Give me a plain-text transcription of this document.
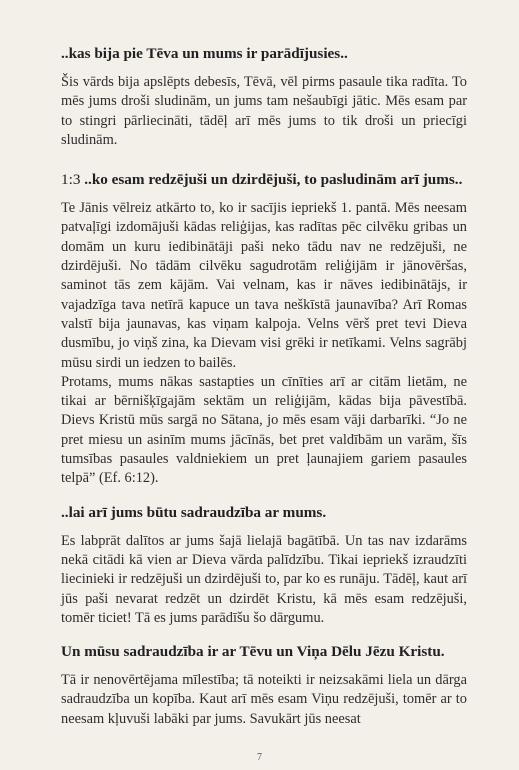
..kas bija pie Tēva un mums ir parādījusies..

Šis vārds bija apslēpts debesīs, Tēvā, vēl pirms pasaule tika radīta. To mēs jums droši sludinām, un jums tam nešaubīgi jātic. Mēs esam par to stingri pārliecināti, tādēļ arī mēs jums to tik droši un priecīgi sludinām.

1:3 ..ko esam redzējuši un dzirdējuši, to pasludinām arī jums..

Te Jānis vēlreiz atkārto to, ko ir sacījis iepriekš 1. pantā. Mēs neesam patvaļīgi izdomājuši kādas reliģijas, kas radītas pēc cilvēku gribas un domām un kuru iedibinātāji paši neko tādu nav ne redzējuši, ne dzirdējuši. No tādām cilvēku sagudrotām reliģijām ir jānovēršas, saminot tās zem kājām. Vai velnam, kas ir nāves iedibinātājs, ir vajadzīga tava netīrā kapuce un tava neškīstā jaunavība? Arī Romas valstī bija jaunavas, kas viņam kalpoja. Velns vērš pret tevi Dieva dusmību, jo viņš zina, ka Dievam visi grēki ir netīkami. Velns sagrābj mūsu sirdi un iedzen to bailēs.

Protams, mums nākas sastapties un cīnīties arī ar citām lietām, ne tikai ar bērnišķīgajām sektām un reliģijām, kādas bija pāvestībā. Dievs Kristū mūs sargā no Sātana, jo mēs esam vāji darbarīki. “Jo ne pret miesu un asinīm mums jācīnās, bet pret valdībām un varām, šīs tumsības pasaules valdniekiem un pret ļaunajiem gariem pasaules telpā” (Ef. 6:12).

..lai arī jums būtu sadraudzība ar mums.

Es labprāt dalītos ar jums šajā lielajā bagātībā. Un tas nav izdarāms nekā citādi kā vien ar Dieva vārda palīdzību. Tikai iepriekš izraudzīti liecinieki ir redzējuši un dzirdējuši to, par ko es runāju. Tādēļ, kaut arī jūs paši nevarat redzēt un dzirdēt Kristu, kā mēs esam redzējuši, tomēr ticiet! Tā es jums parādīšu šo dārgumu.

Un mūsu sadraudzība ir ar Tēvu un Viņa Dēlu Jēzu Kristu.

Tā ir nenovērtējama mīlestība; tā noteikti ir neizsakāmi liela un dārga sadraudzība un kopība. Kaut arī mēs esam Viņu redzējuši, tomēr ar to neesam kļuvuši labāki par jums. Savukārt jūs neesat

7
